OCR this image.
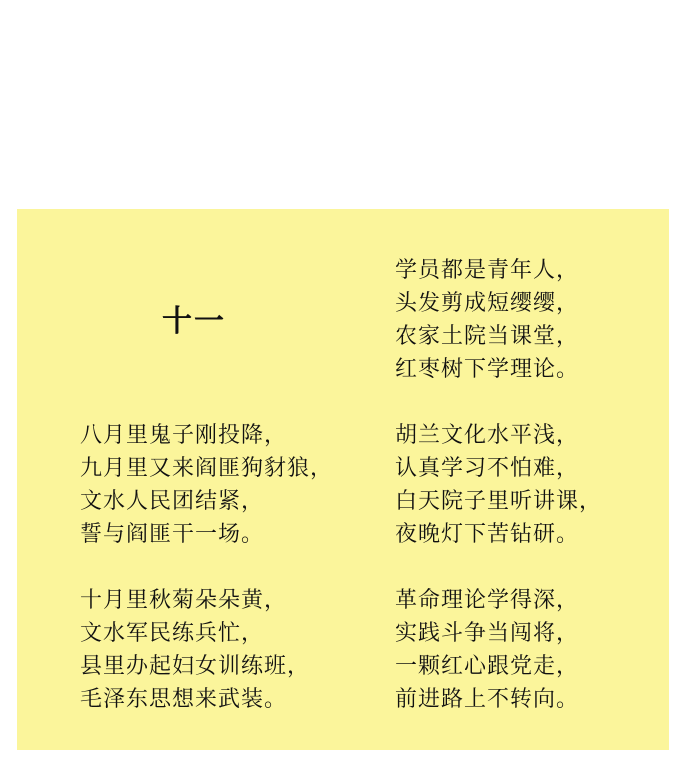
十一
八月里鬼子刚投降，
九月里又来阎匪狗豺狼，
文水人民团结紧，
誓与阎匪干一场。
十月里秋菊朵朵黄，
文水军民练兵忙，
县里办起妇女训练班，
毛泽东思想来武装。
学员都是青年人，
头发剪成短缨缨，
农家土院当课堂，
红枣树下学理论。
胡兰文化水平浅，
认真学习不怕难，
白天院子里听讲课，
夜晚灯下苦钻研。
革命理论学得深，
实践斗争当闯将，
一颗红心跟党走，
前进路上不转向。
